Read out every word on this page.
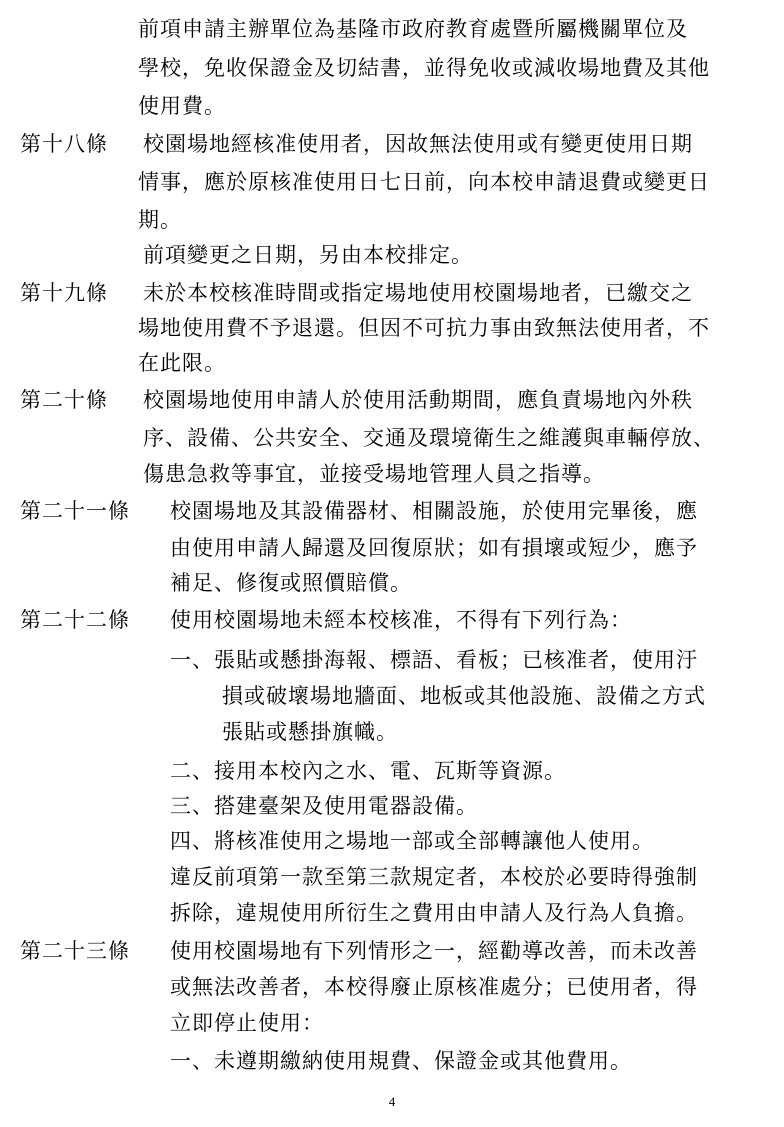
前項申請主辦單位為基隆市政府教育處暨所屬機關單位及
學校，免收保證金及切結書，並得免收或減收場地費及其他
使用費。
第十八條 校園場地經核准使用者，因故無法使用或有變更使用日期
情事，應於原核准使用日七日前，向本校申請退費或變更日
期。
前項變更之日期，另由本校排定。
第十九條 未於本校核准時間或指定場地使用校園場地者，已繳交之
場地使用費不予退還。但因不可抗力事由致無法使用者，不
在此限。
第二十條 校園場地使用申請人於使用活動期間，應負責場地內外秩
序、設備、公共安全、交通及環境衛生之維護與車輛停放、
傷患急救等事宜，並接受場地管理人員之指導。
第二十一條 校園場地及其設備器材、相關設施，於使用完畢後，應
由使用申請人歸還及回復原狀；如有損壞或短少，應予
補足、修復或照價賠償。
第二十二條 使用校園場地未經本校核准，不得有下列行為：
一、張貼或懸掛海報、標語、看板；已核准者，使用汙
損或破壞場地牆面、地板或其他設施、設備之方式
張貼或懸掛旗幟。
二、接用本校內之水、電、瓦斯等資源。
三、搭建臺架及使用電器設備。
四、將核准使用之場地一部或全部轉讓他人使用。
違反前項第一款至第三款規定者，本校於必要時得強制
拆除，違規使用所衍生之費用由申請人及行為人負擔。
第二十三條 使用校園場地有下列情形之一，經勸導改善，而未改善
或無法改善者，本校得廢止原核准處分；已使用者，得
立即停止使用：
一、未遵期繳納使用規費、保證金或其他費用。
4
